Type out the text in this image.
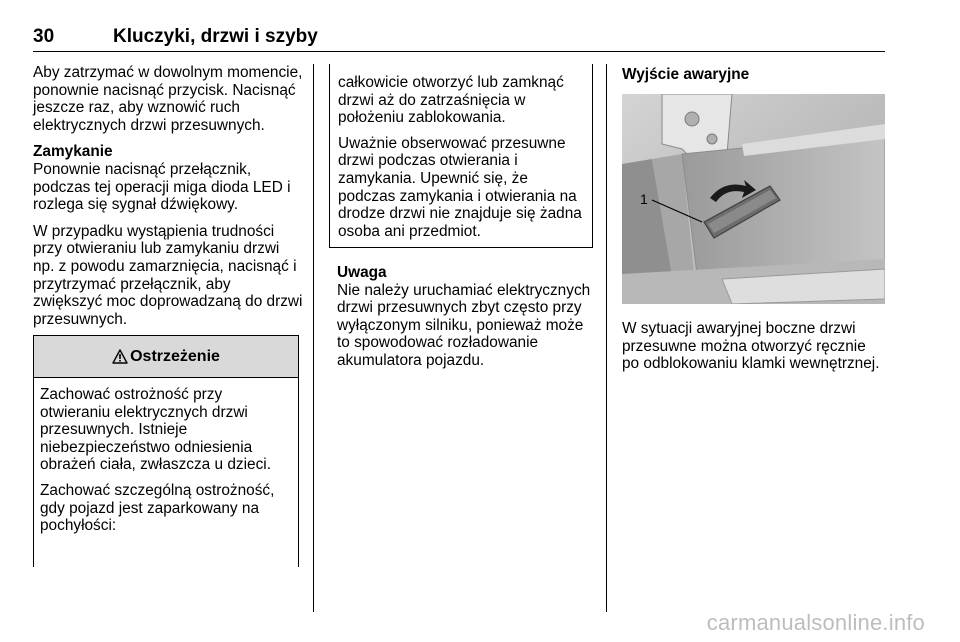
30	Kluczyki, drzwi i szyby

Aby zatrzymać w dowolnym momencie, ponownie nacisnąć przycisk. Nacisnąć jeszcze raz, aby wznowić ruch elektrycznych drzwi przesuwnych.

Zamykanie
Ponownie nacisnąć przełącznik, podczas tej operacji miga dioda LED i rozlega się sygnał dźwiękowy.

W przypadku wystąpienia trudności przy otwieraniu lub zamykaniu drzwi np. z powodu zamarznięcia, nacisnąć i przytrzymać przełącznik, aby zwiększyć moc doprowadzaną do drzwi przesuwnych.

Ostrzeżenie

Zachować ostrożność przy otwieraniu elektrycznych drzwi przesuwnych. Istnieje niebezpieczeństwo odniesienia obrażeń ciała, zwłaszcza u dzieci.

Zachować szczególną ostrożność, gdy pojazd jest zaparkowany na pochyłości:

całkowicie otworzyć lub zamknąć drzwi aż do zatrzaśnięcia w położeniu zablokowania.

Uważnie obserwować przesuwne drzwi podczas otwierania i zamykania. Upewnić się, że podczas zamykania i otwierania na drodze drzwi nie znajduje się żadna osoba ani przedmiot.

Uwaga
Nie należy uruchamiać elektrycznych drzwi przesuwnych zbyt często przy wyłączonym silniku, ponieważ może to spowodować rozładowanie akumulatora pojazdu.
Wyjście awaryjne
1
W sytuacji awaryjnej boczne drzwi przesuwne można otworzyć ręcznie po odblokowaniu klamki wewnętrznej.
carmanualsonline.info
